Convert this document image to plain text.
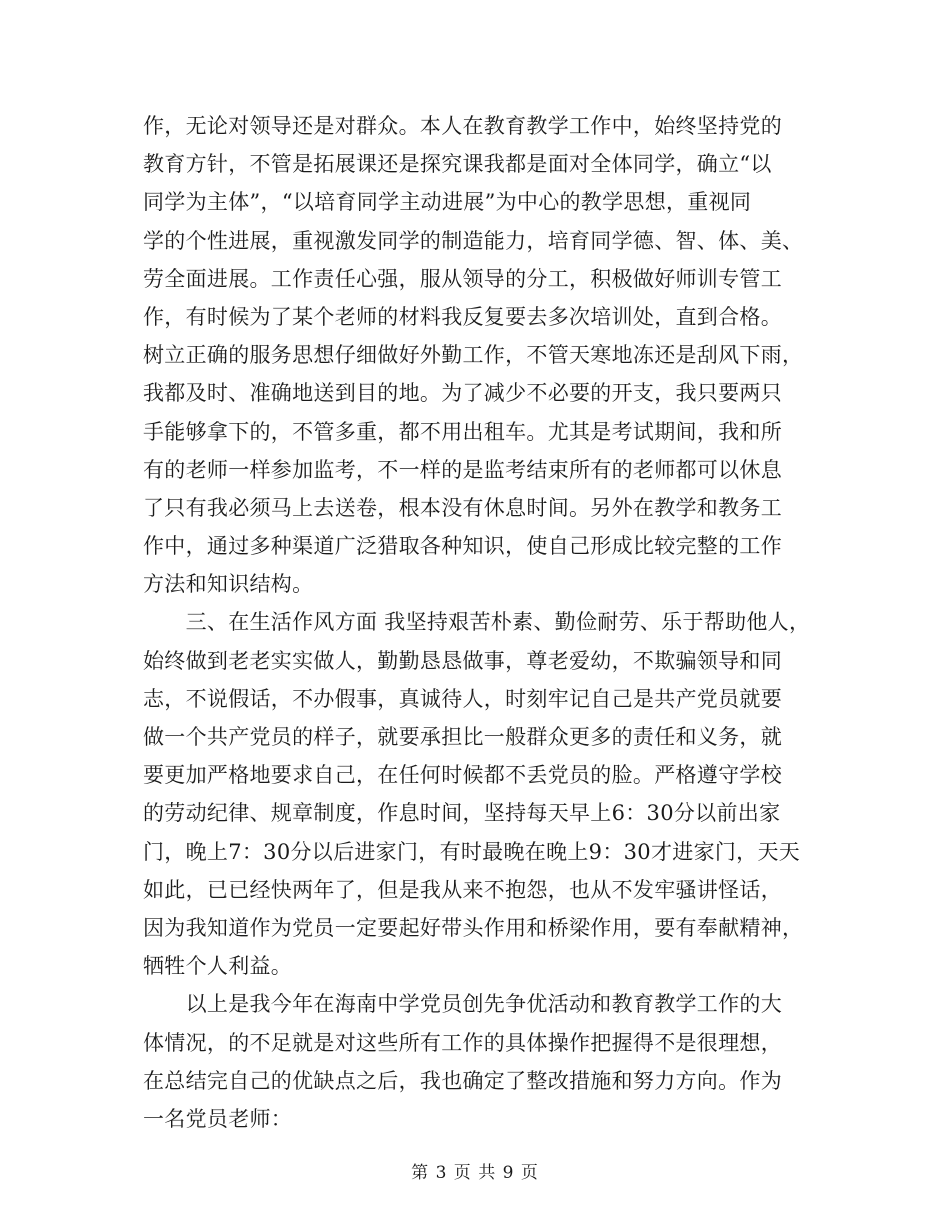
作，无论对领导还是对群众。本人在教育教学工作中，始终坚持党的
教育方针，不管是拓展课还是探究课我都是面对全体同学，确立“以
同学为主体”，“以培育同学主动进展”为中心的教学思想，重视同
学的个性进展，重视激发同学的制造能力，培育同学德、智、体、美、
劳全面进展。工作责任心强，服从领导的分工，积极做好师训专管工
作，有时候为了某个老师的材料我反复要去多次培训处，直到合格。
树立正确的服务思想仔细做好外勤工作，不管天寒地冻还是刮风下雨，
我都及时、准确地送到目的地。为了减少不必要的开支，我只要两只
手能够拿下的，不管多重，都不用出租车。尤其是考试期间，我和所
有的老师一样参加监考，不一样的是监考结束所有的老师都可以休息
了只有我必须马上去送卷，根本没有休息时间。另外在教学和教务工
作中，通过多种渠道广泛猎取各种知识，使自己形成比较完整的工作
方法和知识结构。
　　三、在生活作风方面 我坚持艰苦朴素、勤俭耐劳、乐于帮助他人，
始终做到老老实实做人，勤勤恳恳做事，尊老爱幼，不欺骗领导和同
志，不说假话，不办假事，真诚待人，时刻牢记自己是共产党员就要
做一个共产党员的样子，就要承担比一般群众更多的责任和义务，就
要更加严格地要求自己，在任何时候都不丢党员的脸。严格遵守学校
的劳动纪律、规章制度，作息时间，坚持每天早上6：30分以前出家
门，晚上7：30分以后进家门，有时最晚在晚上9：30才进家门，天天
如此，已已经快两年了，但是我从来不抱怨，也从不发牢骚讲怪话，
因为我知道作为党员一定要起好带头作用和桥梁作用，要有奉献精神，
牺牲个人利益。
　　以上是我今年在海南中学党员创先争优活动和教育教学工作的大
体情况，的不足就是对这些所有工作的具体操作把握得不是很理想，
在总结完自己的优缺点之后，我也确定了整改措施和努力方向。作为
一名党员老师：
第 3 页 共 9 页
